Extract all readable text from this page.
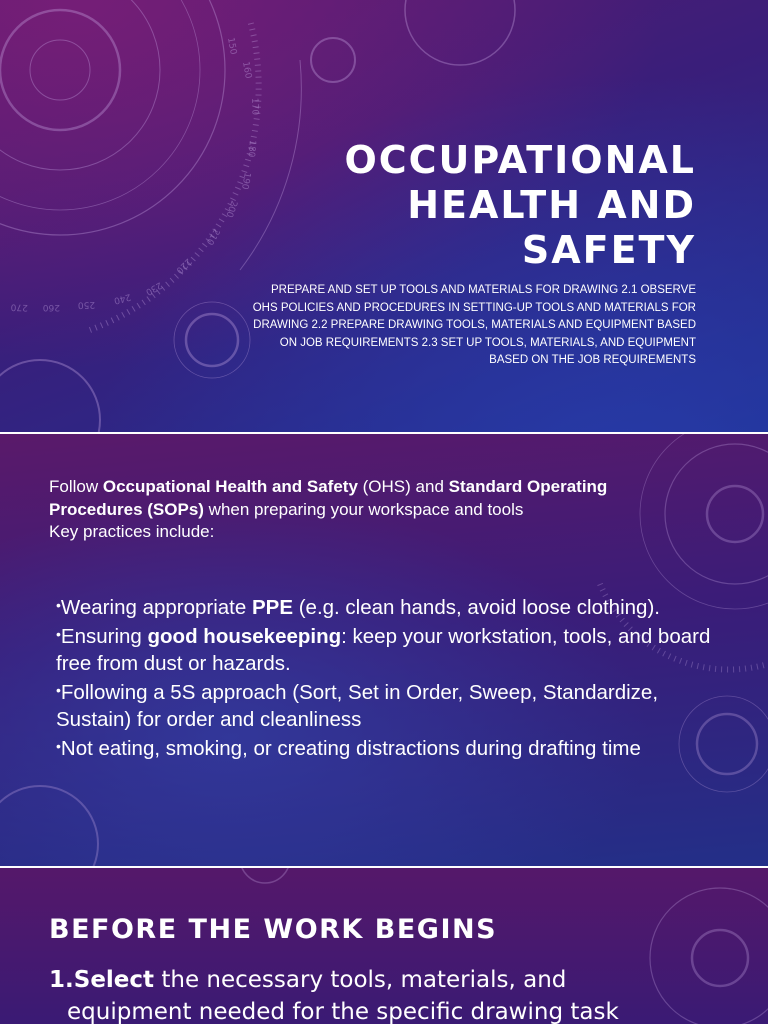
150
160
170
180
190
200
210
220
230
240
250
260
270
OCCUPATIONAL HEALTH AND SAFETY

PREPARE AND SET UP TOOLS AND MATERIALS FOR DRAWING 2.1 OBSERVE OHS POLICIES AND PROCEDURES IN SETTING-UP TOOLS AND MATERIALS FOR DRAWING 2.2 PREPARE DRAWING TOOLS, MATERIALS AND EQUIPMENT BASED ON JOB REQUIREMENTS 2.3 SET UP TOOLS, MATERIALS, AND EQUIPMENT BASED ON THE JOB REQUIREMENTS

Follow Occupational Health and Safety (OHS) and Standard Operating Procedures (SOPs) when preparing your workspace and tools
Key practices include:

•Wearing appropriate PPE (e.g. clean hands, avoid loose clothing).
•Ensuring good housekeeping: keep your workstation, tools, and board free from dust or hazards.
•Following a 5S approach (Sort, Set in Order, Sweep, Standardize, Sustain) for order and cleanliness
•Not eating, smoking, or creating distractions during drafting time
BEFORE THE WORK BEGINS

1.Select the necessary tools, materials, and
equipment needed for the specific drawing task
